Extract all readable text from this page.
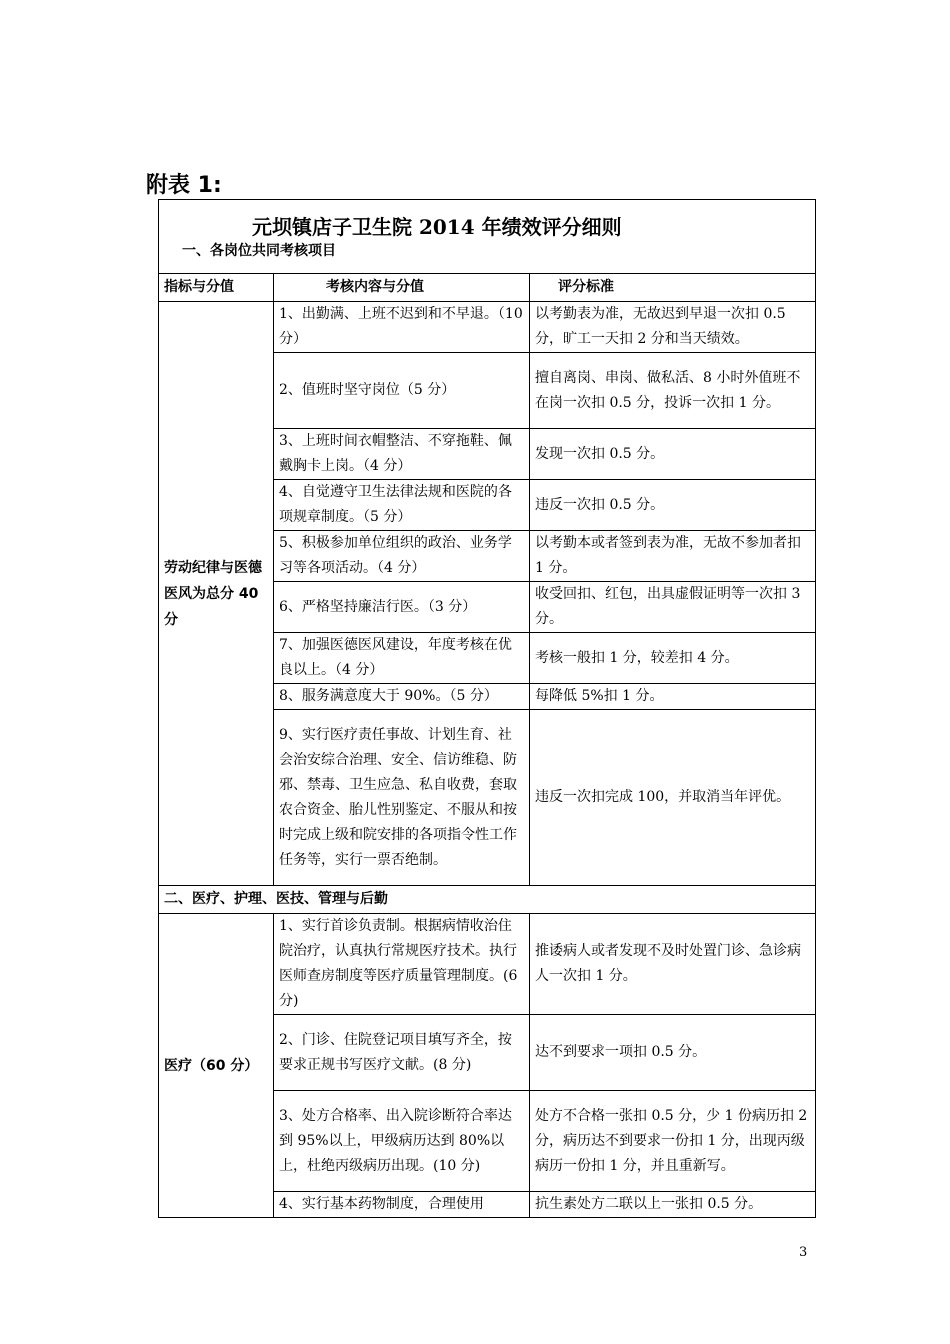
附表 1:
元坝镇店子卫生院 2014 年绩效评分细则
一、各岗位共同考核项目		

指标与分值	考核内容与分值	评分标准
劳动纪律与医德医风为总分 40 分	1、出勤满、上班不迟到和不早退。（10 分）	以考勤表为准，无故迟到早退一次扣 0.5 分，旷工一天扣 2 分和当天绩效。
	2、值班时坚守岗位（5 分）	擅自离岗、串岗、做私活、8 小时外值班不在岗一次扣 0.5 分，投诉一次扣 1 分。
	3、上班时间衣帽整洁、不穿拖鞋、佩戴胸卡上岗。（4 分）	发现一次扣 0.5 分。
	4、自觉遵守卫生法律法规和医院的各项规章制度。（5 分）	违反一次扣 0.5 分。
	5、积极参加单位组织的政治、业务学习等各项活动。（4 分）	以考勤本或者签到表为准，无故不参加者扣 1 分。
	6、严格坚持廉洁行医。（3 分）	收受回扣、红包，出具虚假证明等一次扣 3 分。
	7、加强医德医风建设，年度考核在优良以上。（4 分）	考核一般扣 1 分，较差扣 4 分。
	8、服务满意度大于 90%。（5 分）	每降低 5%扣 1 分。
	9、实行医疗责任事故、计划生育、社会治安综合治理、安全、信访维稳、防邪、禁毒、卫生应急、私自收费，套取农合资金、胎儿性别鉴定、不服从和按时完成上级和院安排的各项指令性工作任务等，实行一票否绝制。	违反一次扣完成 100，并取消当年评优。
二、医疗、护理、医技、管理与后勤		
医疗（60 分）	1、实行首诊负责制。根据病情收治住院治疗，认真执行常规医疗技术。执行医师查房制度等医疗质量管理制度。(6 分)	推诿病人或者发现不及时处置门诊、急诊病人一次扣 1 分。
	2、门诊、住院登记项目填写齐全，按要求正规书写医疗文献。(8 分)	达不到要求一项扣 0.5 分。
	3、处方合格率、出入院诊断符合率达到 95%以上，甲级病历达到 80%以上，杜绝丙级病历出现。(10 分)	处方不合格一张扣 0.5 分，少 1 份病历扣 2 分，病历达不到要求一份扣 1 分，出现丙级病历一份扣 1 分，并且重新写。
	4、实行基本药物制度，合理使用	抗生素处方二联以上一张扣 0.5 分。
3
